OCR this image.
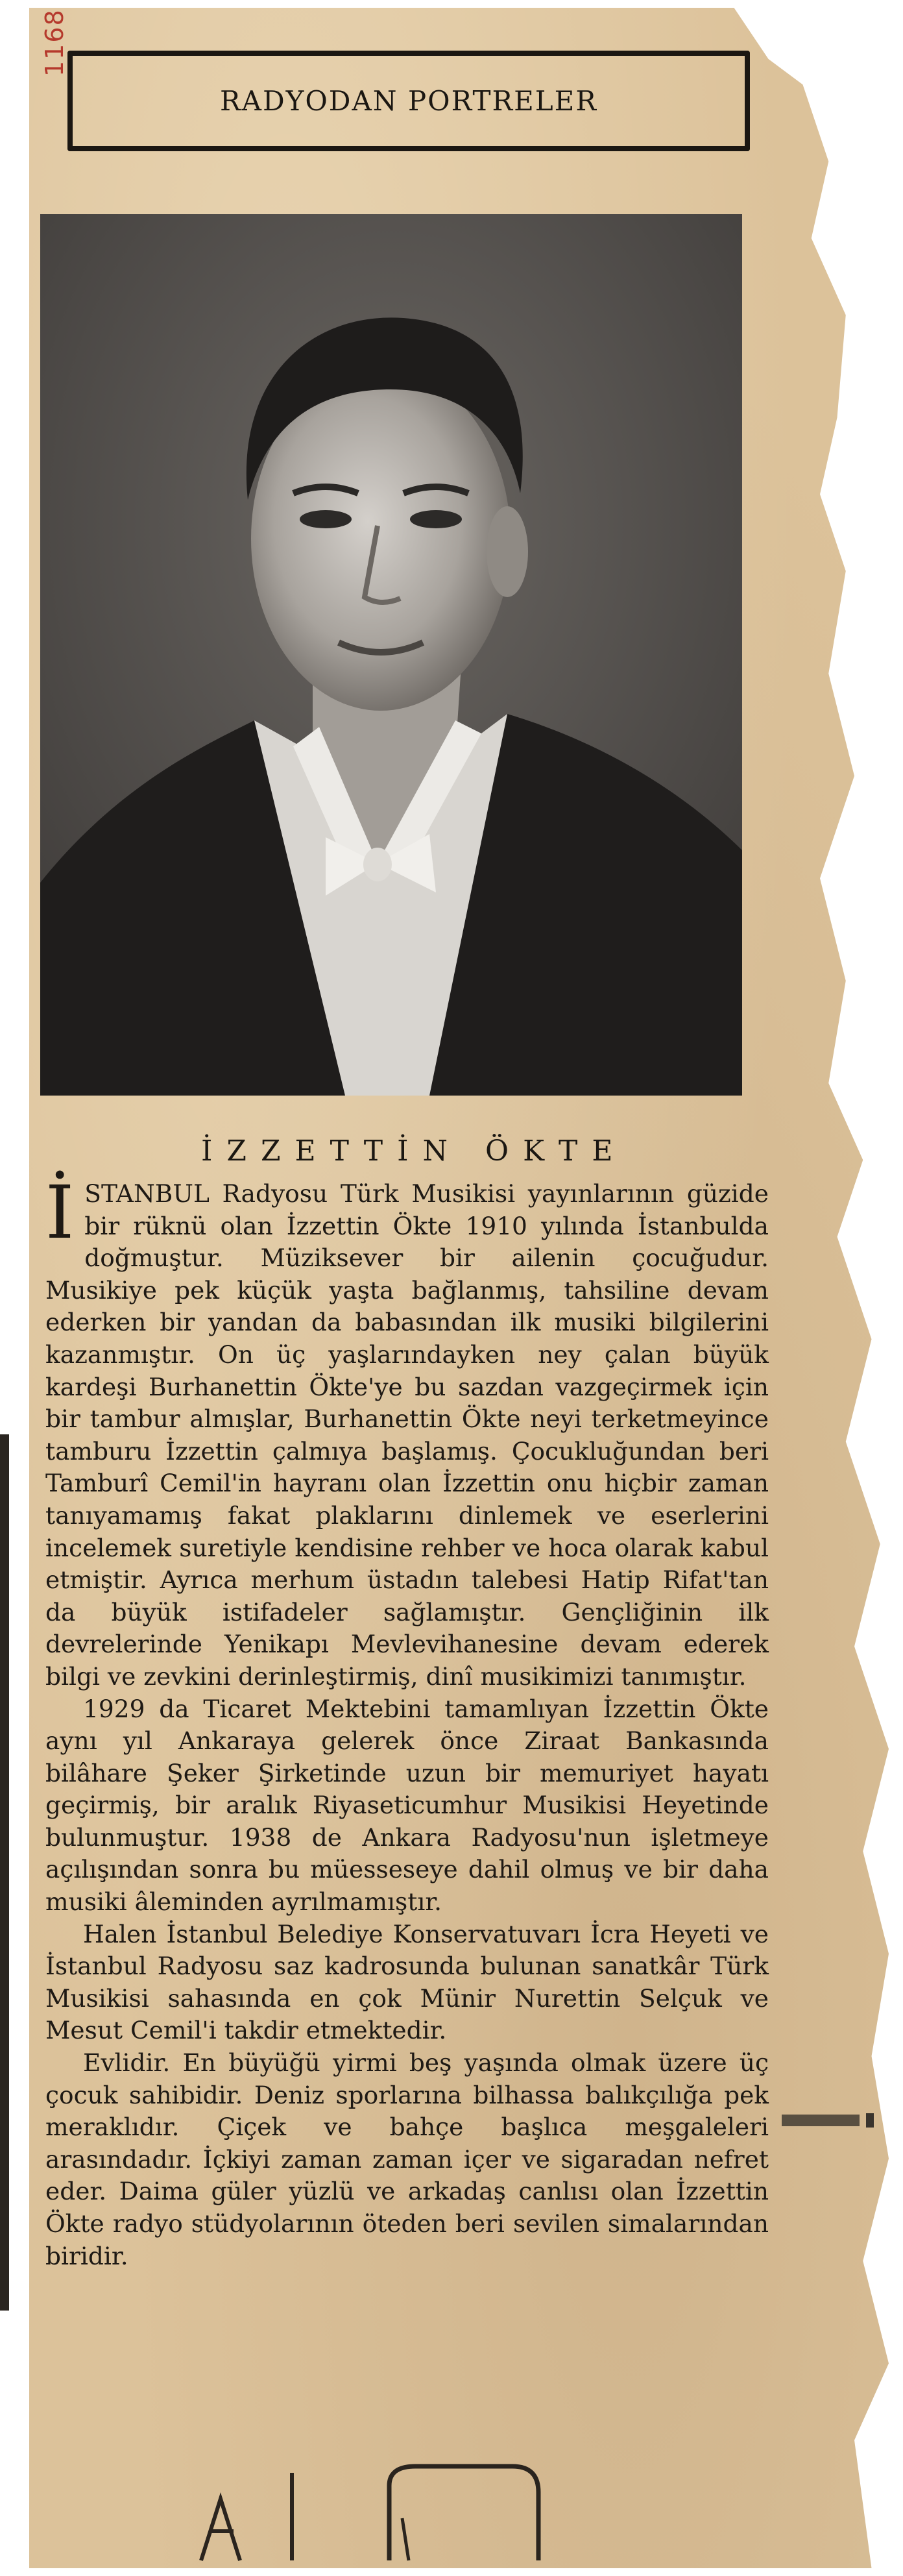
1168
RADYODAN PORTRELER
İZZETTİN ÖKTE

İ STANBUL Radyosu Türk Musikisi yayınlarının güzide bir rüknü olan İzzettin Ökte 1910 yılında İstanbulda doğmuştur. Müziksever bir ailenin çocuğudur. Musikiye pek küçük yaşta bağlanmış, tahsiline devam ederken bir yandan da babasından ilk musiki bilgilerini kazanmıştır. On üç yaşlarındayken ney çalan büyük kardeşi Burhanettin Ökte'ye bu sazdan vazgeçirmek için bir tambur almışlar, Burhanettin Ökte neyi terketmeyince tamburu İzzettin çalmıya başlamış. Çocukluğundan beri Tamburî Cemil'in hayranı olan İzzettin onu hiçbir zaman tanıyamamış fakat plaklarını dinlemek ve eserlerini incelemek suretiyle kendisine rehber ve hoca olarak kabul etmiştir. Ayrıca merhum üstadın talebesi Hatip Rifat'tan da büyük istifadeler sağlamıştır. Gençliğinin ilk devrelerinde Yenikapı Mevlevihanesine devam ederek bilgi ve zevkini derinleştirmiş, dinî musikimizi tanımıştır.

1929 da Ticaret Mektebini tamamlıyan İzzettin Ökte aynı yıl Ankaraya gelerek önce Ziraat Bankasında bilâhare Şeker Şirketinde uzun bir memuriyet hayatı geçirmiş, bir aralık Riyaseticumhur Musikisi Heyetinde bulunmuştur. 1938 de Ankara Radyosu'nun işletmeye açılışından sonra bu müesseseye dahil olmuş ve bir daha musiki âleminden ayrılmamıştır.

Halen İstanbul Belediye Konservatuvarı İcra Heyeti ve İstanbul Radyosu saz kadrosunda bulunan sanatkâr Türk Musikisi sahasında en çok Münir Nurettin Selçuk ve Mesut Cemil'i takdir etmektedir.

Evlidir. En büyüğü yirmi beş yaşında olmak üzere üç çocuk sahibidir. Deniz sporlarına bilhassa balıkçılığa pek meraklıdır. Çiçek ve bahçe başlıca meşgaleleri arasındadır. İçkiyi zaman zaman içer ve sigaradan nefret eder. Daima güler yüzlü ve arkadaş canlısı olan İzzettin Ökte radyo stüdyolarının öteden beri sevilen simalarından biridir.
